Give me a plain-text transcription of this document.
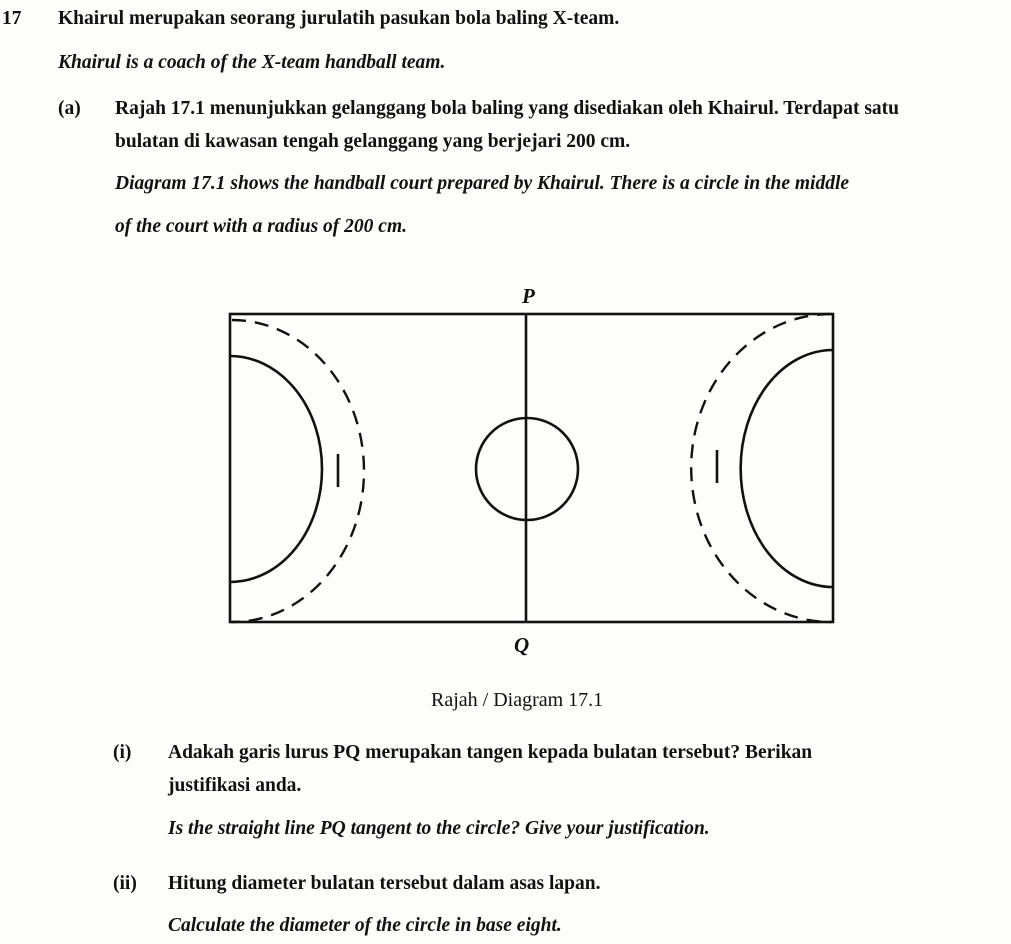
17 Khairul merupakan seorang jurulatih pasukan bola baling X-team.
Khairul is a coach of the X-team handball team.
(a) Rajah 17.1 menunjukkan gelanggang bola baling yang disediakan oleh Khairul. Terdapat satu
bulatan di kawasan tengah gelanggang yang berjejari 200 cm.
Diagram 17.1 shows the handball court prepared by Khairul. There is a circle in the middle
of the court with a radius of 200 cm.
P
Q
Rajah / Diagram 17.1
(i) Adakah garis lurus PQ merupakan tangen kepada bulatan tersebut? Berikan
justifikasi anda.
Is the straight line PQ tangent to the circle? Give your justification.
(ii) Hitung diameter bulatan tersebut dalam asas lapan.
Calculate the diameter of the circle in base eight.
